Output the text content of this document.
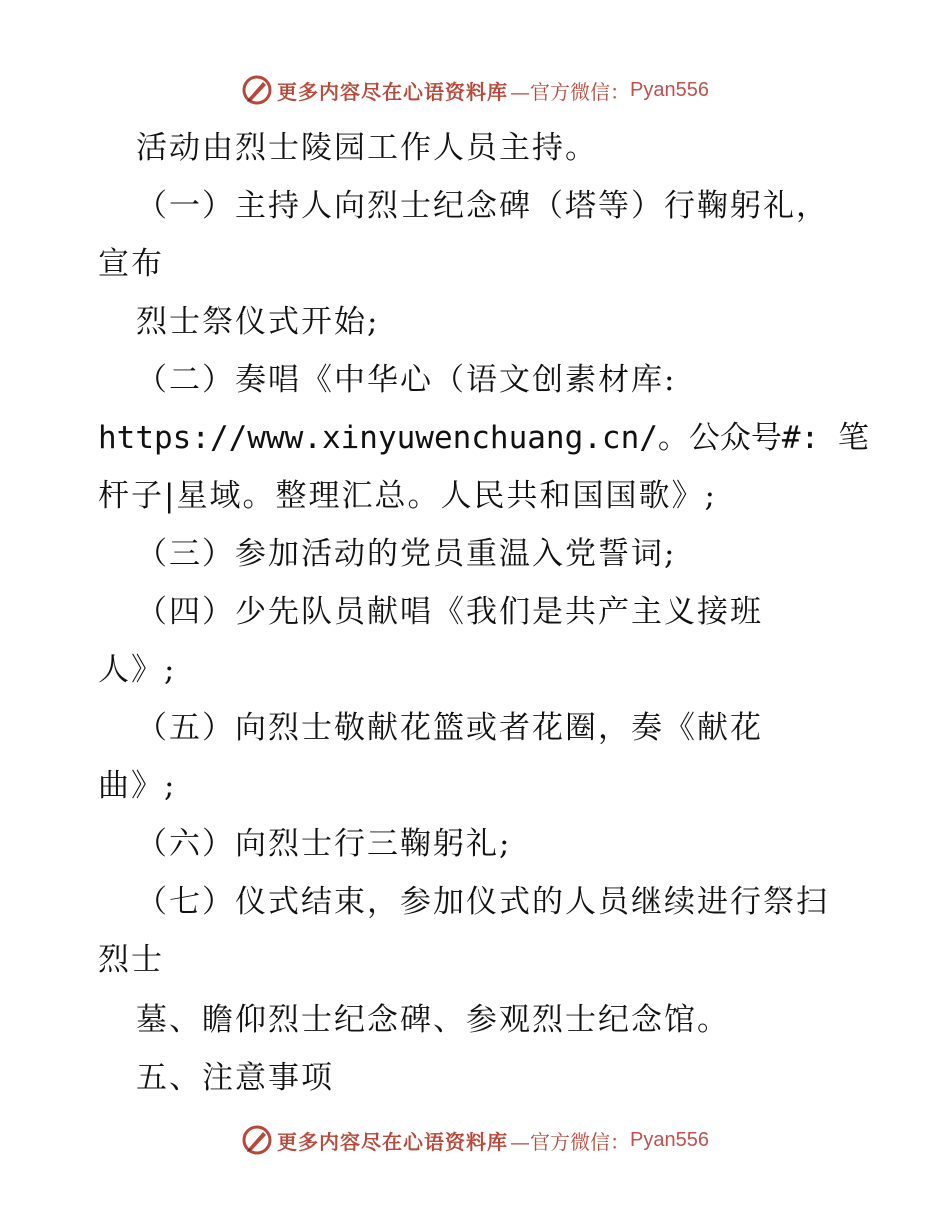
更多内容尽在心语资料库 —官方微信： Pyan556
活动由烈士陵园工作人员主持。
（一）主持人向烈士纪念碑（塔等）行鞠躬礼，
宣布
烈士祭仪式开始;
（二）奏唱《中华心（语文创素材库:
https://www.xinyuwenchuang.cn/。公众号#: 笔
杆子|星域。整理汇总。人民共和国国歌》;
（三）参加活动的党员重温入党誓词;
（四）少先队员献唱《我们是共产主义接班
人》;
（五）向烈士敬献花篮或者花圈，奏《献花
曲》;
（六）向烈士行三鞠躬礼;
（七）仪式结束，参加仪式的人员继续进行祭扫
烈士
墓、瞻仰烈士纪念碑、参观烈士纪念馆。
五、注意事项
更多内容尽在心语资料库 —官方微信： Pyan556
